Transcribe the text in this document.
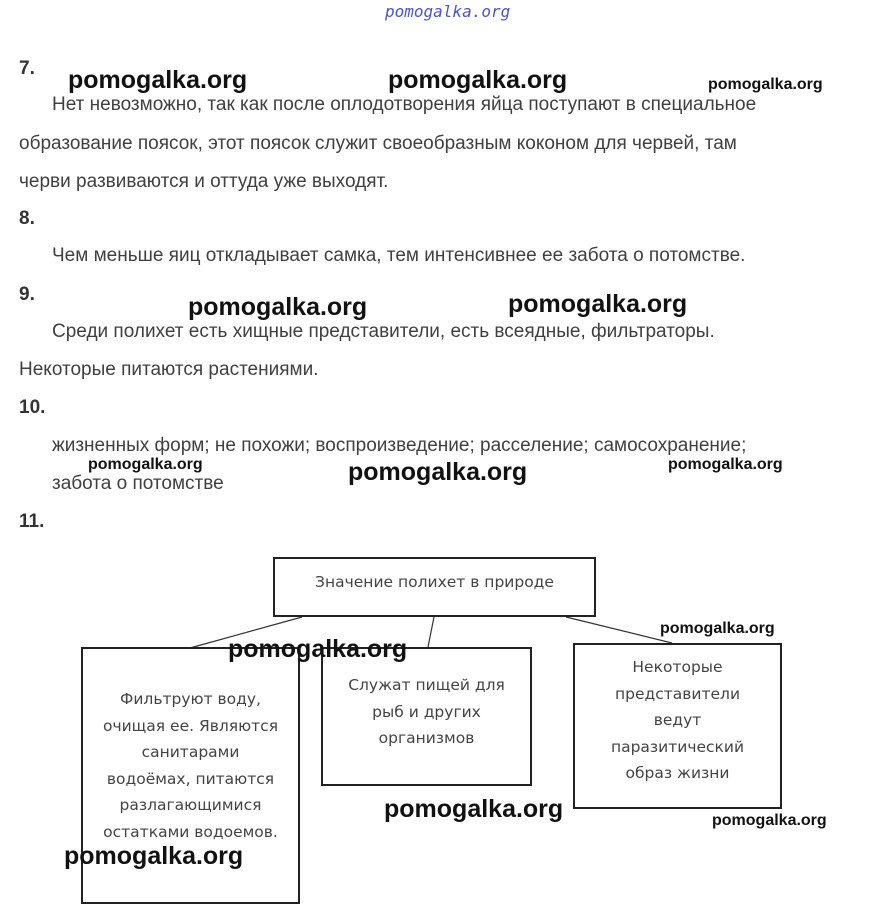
pomogalka.org
7.
Нет невозможно, так как после оплодотворения яйца поступают в специальное
образование поясок, этот поясок служит своеобразным коконом для червей, там
черви развиваются и оттуда уже выходят.
8.
Чем меньше яиц откладывает самка, тем интенсивнее ее забота о потомстве.
9.
Среди полихет есть хищные представители, есть всеядные, фильтраторы.
Некоторые питаются растениями.
10.
жизненных форм; не похожи; воспроизведение; расселение; самосохранение;
забота о потомстве
11.
Значение полихет в природе
Фильтруют воду,
очищая ее. Являются
санитарами
водоёмах, питаются
разлагающимися
остатками водоемов.
Служат пищей для
рыб и других
организмов
Некоторые
представители
ведут
паразитический
образ жизни
pomogalka.org	pomogalka.org	pomogalka.org
pomogalka.org	pomogalka.org
pomogalka.org	pomogalka.org	pomogalka.org
pomogalka.org
pomogalka.org
pomogalka.org	pomogalka.org
pomogalka.org
